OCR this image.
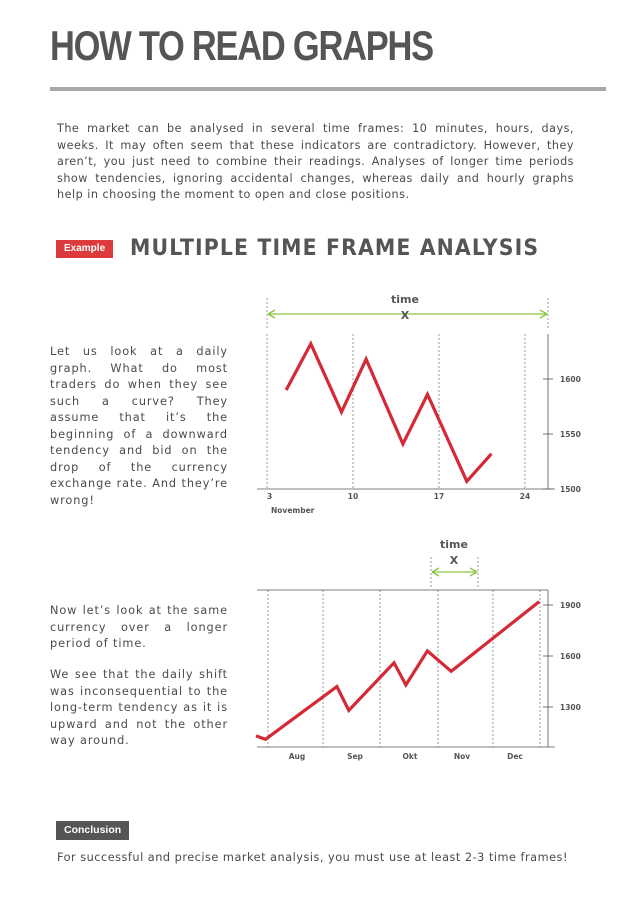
HOW TO READ GRAPHS
The market can be analysed in several time frames: 10 minutes, hours, days, weeks. It may often seem that these indicators are contradictory. However, they aren’t, you just need to combine their readings. Analyses of longer time periods show tendencies, ignoring accidental changes, whereas daily and hourly graphs help in choosing the moment to open and close positions.
Example	MULTIPLE TIME FRAME ANALYSIS
Let us look at a daily graph. What do most traders do when they see such a curve? They assume that it’s the beginning of a downward tendency and bid on the drop of the currency exchange rate. And they’re wrong!
Now let’s look at the same currency over a longer period of time.
We see that the daily shift was inconsequential to the long-term tendency as it is upward and not the other way around.
time
X
3	10	17	24
November
1600
1550
1500
time
X
Aug	Sep	Okt	Nov	Dec
1900
1600
1300
Conclusion
For successful and precise market analysis, you must use at least 2-3 time frames!
